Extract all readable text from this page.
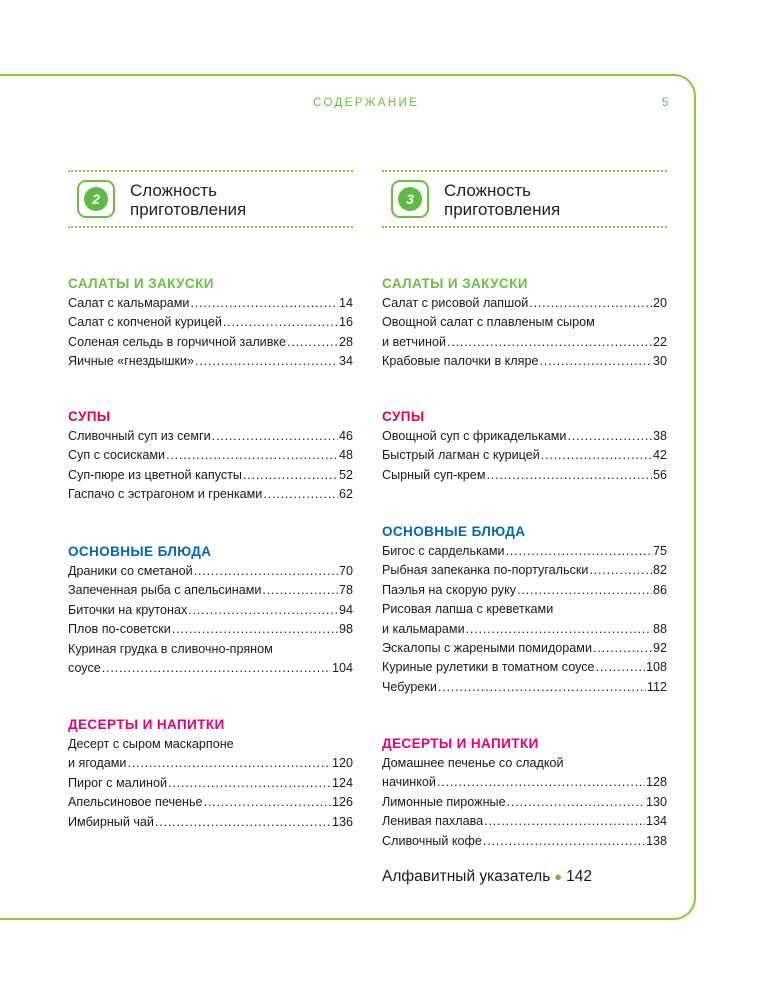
СОДЕРЖАНИЕ	5
2	Сложность
приготовления
САЛАТЫ И ЗАКУСКИ
Салат с кальмарами .....	14
Салат с копченой курицей .....	16
Соленая сельдь в горчичной заливке .....	28
Яичные «гнездышки» .....	34
СУПЫ
Сливочный суп из семги .....	46
Суп с сосисками .....	48
Суп-пюре из цветной капусты .....	52
Гаспачо с эстрагоном и гренками .....	62
ОСНОВНЫЕ БЛЮДА
Драники со сметаной .....	70
Запеченная рыба с апельсинами .....	78
Биточки на крутонах .....	94
Плов по-советски .....	98
Куриная грудка в сливочно-пряном
соусе .....	104
ДЕСЕРТЫ И НАПИТКИ
Десерт с сыром маскарпоне
и ягодами .....	120
Пирог с малиной .....	124
Апельсиновое печенье .....	126
Имбирный чай .....	136
3	Сложность
приготовления
САЛАТЫ И ЗАКУСКИ
Салат с рисовой лапшой .....	20
Овощной салат с плавленым сыром
и ветчиной .....	22
Крабовые палочки в кляре .....	30
СУПЫ
Овощной суп с фрикадельками .....	38
Быстрый лагман с курицей .....	42
Сырный суп-крем .....	56
ОСНОВНЫЕ БЛЮДА
Бигос с сардельками .....	75
Рыбная запеканка по-португальски .....	82
Паэлья на скорую руку .....	86
Рисовая лапша с креветками
и кальмарами .....	88
Эскалопы с жареными помидорами .....	92
Куриные рулетики в томатном соусе .....	108
Чебуреки .....	112
ДЕСЕРТЫ И НАПИТКИ
Домашнее печенье со сладкой
начинкой .....	128
Лимонные пирожные .....	130
Ленивая пахлава .....	134
Сливочный кофе .....	138
Алфавитный указатель ● 142
